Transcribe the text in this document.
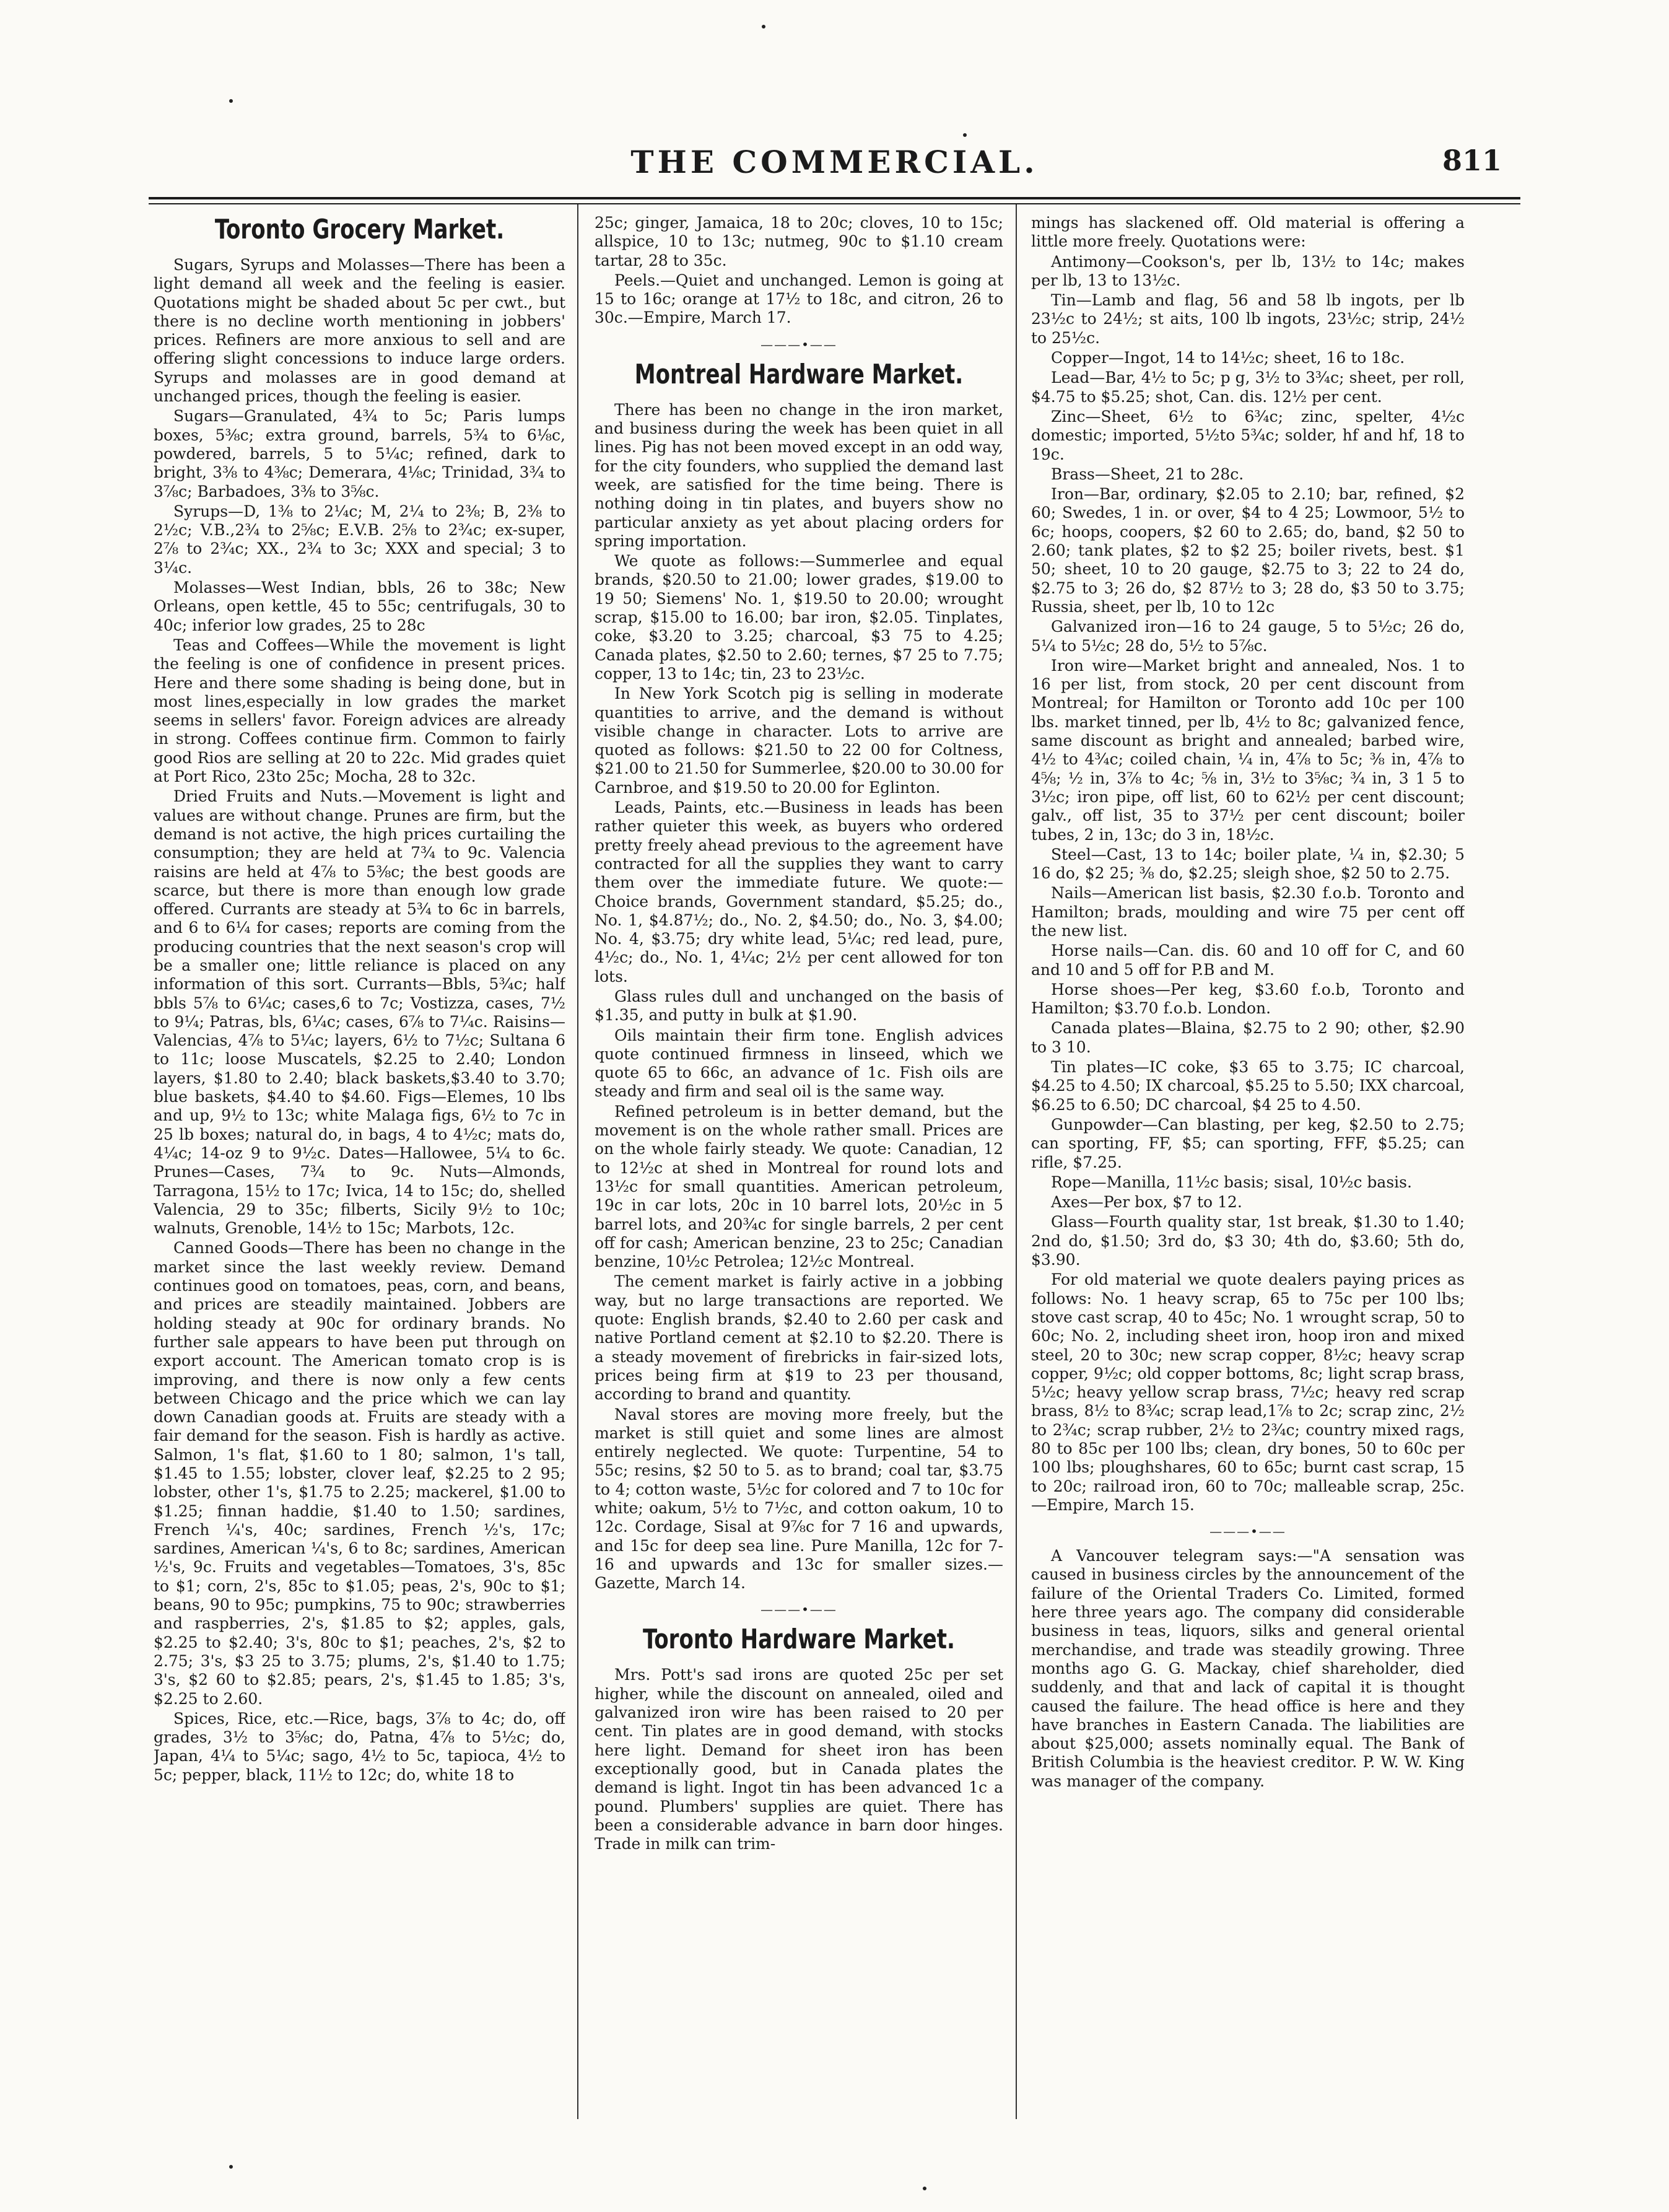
THE COMMERCIAL.	811
Toronto Grocery Market.

Sugars, Syrups and Molasses—There has been a light demand all week and the feeling is easier. Quotations might be shaded about 5c per cwt., but there is no decline worth mentioning in jobbers' prices. Refiners are more anxious to sell and are offering slight concessions to induce large orders. Syrups and molasses are in good demand at unchanged prices, though the feeling is easier.

Sugars—Granulated, 4¾ to 5c; Paris lumps boxes, 5⅜c; extra ground, barrels, 5¾ to 6⅛c, powdered, barrels, 5 to 5¼c; refined, dark to bright, 3⅜ to 4⅜c; Demerara, 4⅛c; Trinidad, 3¾ to 3⅞c; Barbadoes, 3⅜ to 3⅝c.

Syrups—D, 1⅜ to 2¼c; M, 2¼ to 2⅜; B, 2⅜ to 2½c; V.B.,2¾ to 2⅝c; E.V.B. 2⅝ to 2¾c; ex-super, 2⅞ to 2¾c; XX., 2¾ to 3c; XXX and special; 3 to 3¼c.

Molasses—West Indian, bbls, 26 to 38c; New Orleans, open kettle, 45 to 55c; centrifugals, 30 to 40c; inferior low grades, 25 to 28c

Teas and Coffees—While the movement is light the feeling is one of confidence in present prices. Here and there some shading is being done, but in most lines,especially in low grades the market seems in sellers' favor. Foreign advices are already in strong. Coffees continue firm. Common to fairly good Rios are selling at 20 to 22c. Mid grades quiet at Port Rico, 23to 25c; Mocha, 28 to 32c.

Dried Fruits and Nuts.—Movement is light and values are without change. Prunes are firm, but the demand is not active, the high prices curtailing the consumption; they are held at 7¾ to 9c. Valencia raisins are held at 4⅞ to 5⅜c; the best goods are scarce, but there is more than enough low grade offered. Currants are steady at 5¾ to 6c in barrels, and 6 to 6¼ for cases; reports are coming from the producing countries that the next season's crop will be a smaller one; little reliance is placed on any information of this sort. Currants—Bbls, 5¾c; half bbls 5⅞ to 6¼c; cases,6 to 7c; Vostizza, cases, 7½ to 9¼; Patras, bls, 6¼c; cases, 6⅞ to 7¼c. Raisins—Valencias, 4⅞ to 5¼c; layers, 6½ to 7½c; Sultana 6 to 11c; loose Muscatels, $2.25 to 2.40; London layers, $1.80 to 2.40; black baskets,$3.40 to 3.70; blue baskets, $4.40 to $4.60. Figs—Elemes, 10 lbs and up, 9½ to 13c; white Malaga figs, 6½ to 7c in 25 lb boxes; natural do, in bags, 4 to 4½c; mats do, 4¼c; 14-oz 9 to 9½c. Dates—Hallowee, 5¼ to 6c. Prunes—Cases, 7¾ to 9c. Nuts—Almonds, Tarragona, 15½ to 17c; Ivica, 14 to 15c; do, shelled Valencia, 29 to 35c; filberts, Sicily 9½ to 10c; walnuts, Grenoble, 14½ to 15c; Marbots, 12c.

Canned Goods—There has been no change in the market since the last weekly review. Demand continues good on tomatoes, peas, corn, and beans, and prices are steadily maintained. Jobbers are holding steady at 90c for ordinary brands. No further sale appears to have been put through on export account. The American tomato crop is is improving, and there is now only a few cents between Chicago and the price which we can lay down Canadian goods at. Fruits are steady with a fair demand for the season. Fish is hardly as active. Salmon, 1's flat, $1.60 to 1 80; salmon, 1's tall, $1.45 to 1.55; lobster, clover leaf, $2.25 to 2 95; lobster, other 1's, $1.75 to 2.25; mackerel, $1.00 to $1.25; finnan haddie, $1.40 to 1.50; sardines, French ¼'s, 40c; sardines, French ½'s, 17c; sardines, American ¼'s, 6 to 8c; sardines, American ½'s, 9c. Fruits and vegetables—Tomatoes, 3's, 85c to $1; corn, 2's, 85c to $1.05; peas, 2's, 90c to $1; beans, 90 to 95c; pumpkins, 75 to 90c; strawberries and raspberries, 2's, $1.85 to $2; apples, gals, $2.25 to $2.40; 3's, 80c to $1; peaches, 2's, $2 to 2.75; 3's, $3 25 to 3.75; plums, 2's, $1.40 to 1.75; 3's, $2 60 to $2.85; pears, 2's, $1.45 to 1.85; 3's, $2.25 to 2.60.

Spices, Rice, etc.—Rice, bags, 3⅞ to 4c; do, off grades, 3½ to 3⅝c; do, Patna, 4⅞ to 5½c; do, Japan, 4¼ to 5¼c; sago, 4½ to 5c, tapioca, 4½ to 5c; pepper, black, 11½ to 12c; do, white 18 to

25c; ginger, Jamaica, 18 to 20c; cloves, 10 to 15c; allspice, 10 to 13c; nutmeg, 90c to $1.10 cream tartar, 28 to 35c.

Peels.—Quiet and unchanged. Lemon is going at 15 to 16c; orange at 17½ to 18c, and citron, 26 to 30c.—Empire, March 17.

———•——
Montreal Hardware Market.

There has been no change in the iron market, and business during the week has been quiet in all lines. Pig has not been moved except in an odd way, for the city founders, who supplied the demand last week, are satisfied for the time being. There is nothing doing in tin plates, and buyers show no particular anxiety as yet about placing orders for spring importation.

We quote as follows:—Summerlee and equal brands, $20.50 to 21.00; lower grades, $19.00 to 19 50; Siemens' No. 1, $19.50 to 20.00; wrought scrap, $15.00 to 16.00; bar iron, $2.05. Tinplates, coke, $3.20 to 3.25; charcoal, $3 75 to 4.25; Canada plates, $2.50 to 2.60; ternes, $7 25 to 7.75; copper, 13 to 14c; tin, 23 to 23½c.

In New York Scotch pig is selling in moderate quantities to arrive, and the demand is without visible change in character. Lots to arrive are quoted as follows: $21.50 to 22 00 for Coltness, $21.00 to 21.50 for Summerlee, $20.00 to 30.00 for Carnbroe, and $19.50 to 20.00 for Eglinton.

Leads, Paints, etc.—Business in leads has been rather quieter this week, as buyers who ordered pretty freely ahead previous to the agreement have contracted for all the supplies they want to carry them over the immediate future. We quote:—Choice brands, Government standard, $5.25; do., No. 1, $4.87½; do., No. 2, $4.50; do., No. 3, $4.00; No. 4, $3.75; dry white lead, 5¼c; red lead, pure, 4½c; do., No. 1, 4¼c; 2½ per cent allowed for ton lots.

Glass rules dull and unchanged on the basis of $1.35, and putty in bulk at $1.90.

Oils maintain their firm tone. English advices quote continued firmness in linseed, which we quote 65 to 66c, an advance of 1c. Fish oils are steady and firm and seal oil is the same way.

Refined petroleum is in better demand, but the movement is on the whole rather small. Prices are on the whole fairly steady. We quote: Canadian, 12 to 12½c at shed in Montreal for round lots and 13½c for small quantities. American petroleum, 19c in car lots, 20c in 10 barrel lots, 20½c in 5 barrel lots, and 20¾c for single barrels, 2 per cent off for cash; American benzine, 23 to 25c; Canadian benzine, 10½c Petrolea; 12½c Montreal.

The cement market is fairly active in a jobbing way, but no large transactions are reported. We quote: English brands, $2.40 to 2.60 per cask and native Portland cement at $2.10 to $2.20. There is a steady movement of firebricks in fair-sized lots, prices being firm at $19 to 23 per thousand, according to brand and quantity.

Naval stores are moving more freely, but the market is still quiet and some lines are almost entirely neglected. We quote: Turpentine, 54 to 55c; resins, $2 50 to 5. as to brand; coal tar, $3.75 to 4; cotton waste, 5½c for colored and 7 to 10c for white; oakum, 5½ to 7½c, and cotton oakum, 10 to 12c. Cordage, Sisal at 9⅞c for 7 16 and upwards, and 15c for deep sea line. Pure Manilla, 12c for 7-16 and upwards and 13c for smaller sizes.—Gazette, March 14.

———•——
Toronto Hardware Market.

Mrs. Pott's sad irons are quoted 25c per set higher, while the discount on annealed, oiled and galvanized iron wire has been raised to 20 per cent. Tin plates are in good demand, with stocks here light. Demand for sheet iron has been exceptionally good, but in Canada plates the demand is light. Ingot tin has been advanced 1c a pound. Plumbers' supplies are quiet. There has been a considerable advance in barn door hinges. Trade in milk can trim-

mings has slackened off. Old material is offering a little more freely. Quotations were:

Antimony—Cookson's, per lb, 13½ to 14c; makes per lb, 13 to 13½c.

Tin—Lamb and flag, 56 and 58 lb ingots, per lb 23½c to 24½; st aits, 100 lb ingots, 23½c; strip, 24½ to 25½c.

Copper—Ingot, 14 to 14½c; sheet, 16 to 18c.

Lead—Bar, 4½ to 5c; p g, 3½ to 3¾c; sheet, per roll, $4.75 to $5.25; shot, Can. dis. 12½ per cent.

Zinc—Sheet, 6½ to 6¾c; zinc, spelter, 4½c domestic; imported, 5½to 5¾c; solder, hf and hf, 18 to 19c.

Brass—Sheet, 21 to 28c.

Iron—Bar, ordinary, $2.05 to 2.10; bar, refined, $2 60; Swedes, 1 in. or over, $4 to 4 25; Lowmoor, 5½ to 6c; hoops, coopers, $2 60 to 2.65; do, band, $2 50 to 2.60; tank plates, $2 to $2 25; boiler rivets, best. $1 50; sheet, 10 to 20 gauge, $2.75 to 3; 22 to 24 do, $2.75 to 3; 26 do, $2 87½ to 3; 28 do, $3 50 to 3.75; Russia, sheet, per lb, 10 to 12c

Galvanized iron—16 to 24 gauge, 5 to 5½c; 26 do, 5¼ to 5½c; 28 do, 5½ to 5⅞c.

Iron wire—Market bright and annealed, Nos. 1 to 16 per list, from stock, 20 per cent discount from Montreal; for Hamilton or Toronto add 10c per 100 lbs. market tinned, per lb, 4½ to 8c; galvanized fence, same discount as bright and annealed; barbed wire, 4½ to 4¾c; coiled chain, ¼ in, 4⅞ to 5c; ⅜ in, 4⅞ to 4⅝; ½ in, 3⅞ to 4c; ⅝ in, 3½ to 3⅝c; ¾ in, 3 1 5 to 3½c; iron pipe, off list, 60 to 62½ per cent discount; galv., off list, 35 to 37½ per cent discount; boiler tubes, 2 in, 13c; do 3 in, 18½c.

Steel—Cast, 13 to 14c; boiler plate, ¼ in, $2.30; 5 16 do, $2 25; ⅜ do, $2.25; sleigh shoe, $2 50 to 2.75.

Nails—American list basis, $2.30 f.o.b. Toronto and Hamilton; brads, moulding and wire 75 per cent off the new list.

Horse nails—Can. dis. 60 and 10 off for C, and 60 and 10 and 5 off for P.B and M.

Horse shoes—Per keg, $3.60 f.o.b, Toronto and Hamilton; $3.70 f.o.b. London.

Canada plates—Blaina, $2.75 to 2 90; other, $2.90 to 3 10.

Tin plates—IC coke, $3 65 to 3.75; IC charcoal, $4.25 to 4.50; IX charcoal, $5.25 to 5.50; IXX charcoal, $6.25 to 6.50; DC charcoal, $4 25 to 4.50.

Gunpowder—Can blasting, per keg, $2.50 to 2.75; can sporting, FF, $5; can sporting, FFF, $5.25; can rifle, $7.25.

Rope—Manilla, 11½c basis; sisal, 10½c basis.

Axes—Per box, $7 to 12.

Glass—Fourth quality star, 1st break, $1.30 to 1.40; 2nd do, $1.50; 3rd do, $3 30; 4th do, $3.60; 5th do, $3.90.

For old material we quote dealers paying prices as follows: No. 1 heavy scrap, 65 to 75c per 100 lbs; stove cast scrap, 40 to 45c; No. 1 wrought scrap, 50 to 60c; No. 2, including sheet iron, hoop iron and mixed steel, 20 to 30c; new scrap copper, 8½c; heavy scrap copper, 9½c; old copper bottoms, 8c; light scrap brass, 5½c; heavy yellow scrap brass, 7½c; heavy red scrap brass, 8½ to 8¾c; scrap lead,1⅞ to 2c; scrap zinc, 2½ to 2¾c; scrap rubber, 2½ to 2¾c; country mixed rags, 80 to 85c per 100 lbs; clean, dry bones, 50 to 60c per 100 lbs; ploughshares, 60 to 65c; burnt cast scrap, 15 to 20c; railroad iron, 60 to 70c; malleable scrap, 25c.—Empire, March 15.

———•——

A Vancouver telegram says:—"A sensation was caused in business circles by the announcement of the failure of the Oriental Traders Co. Limited, formed here three years ago. The company did considerable business in teas, liquors, silks and general oriental merchandise, and trade was steadily growing. Three months ago G. G. Mackay, chief shareholder, died suddenly, and that and lack of capital it is thought caused the failure. The head office is here and they have branches in Eastern Canada. The liabilities are about $25,000; assets nominally equal. The Bank of British Columbia is the heaviest creditor. P. W. W. King was manager of the company.
